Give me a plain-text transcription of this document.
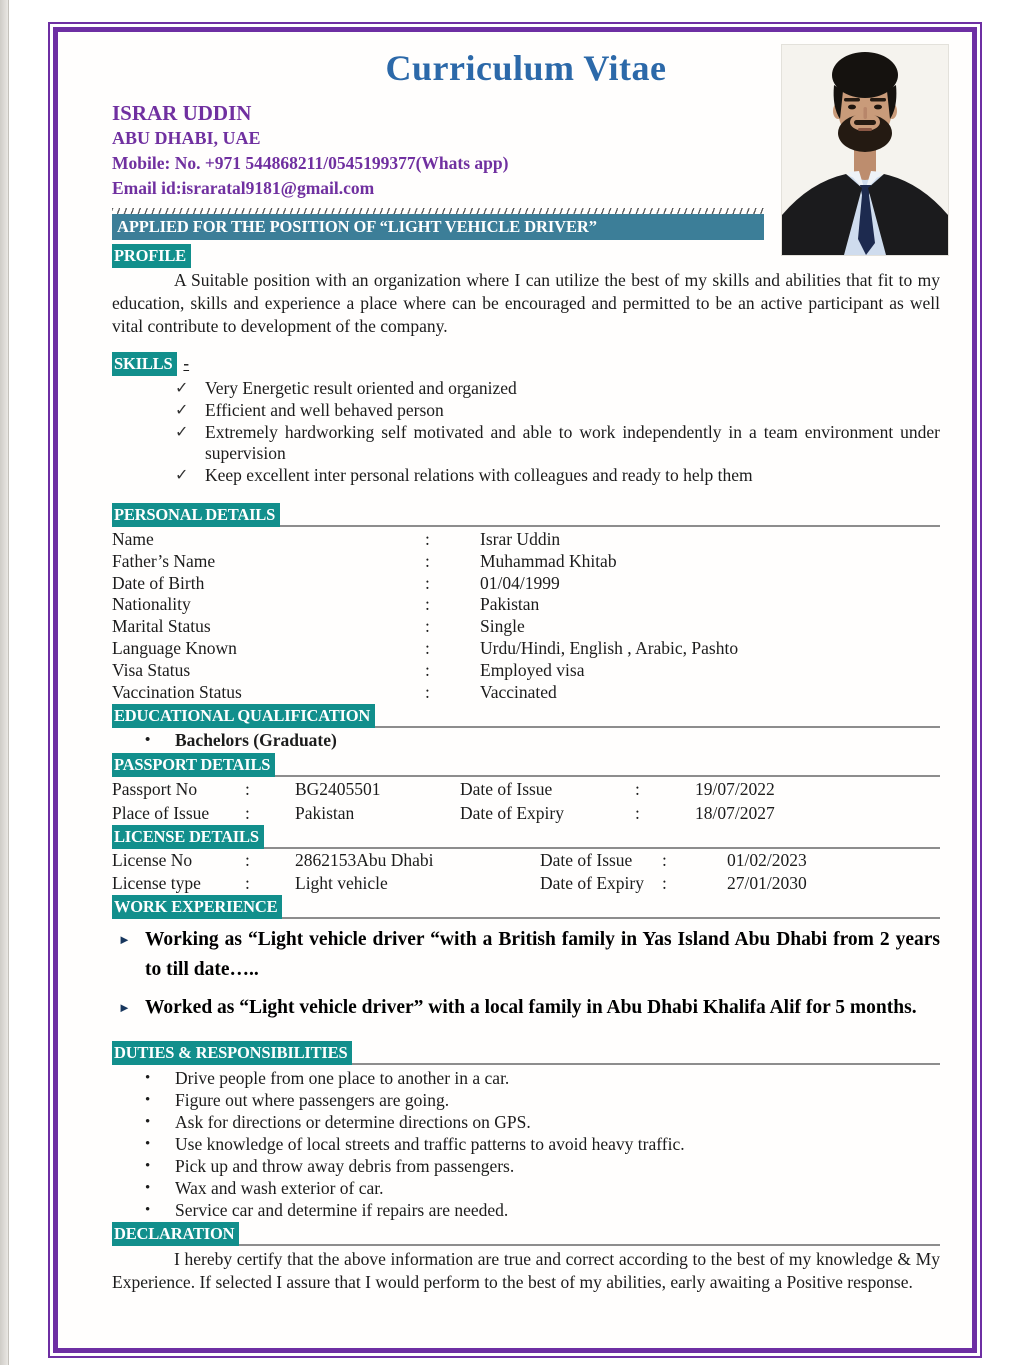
Curriculum Vitae
ISRAR UDDIN
ABU DHABI, UAE
Mobile: No. +971 544868211/0545199377(Whats app)
Email id:israratal9181@gmail.com
APPLIED FOR THE POSITION OF “LIGHT VEHICLE DRIVER”
PROFILE

A Suitable position with an organization where I can utilize the best of my skills and abilities that fit to my education, skills and experience a place where can be encouraged and permitted to be an active participant as well vital contribute to development of the company.

SKILLS -
✓ Very Energetic result oriented and organized
✓ Efficient and well behaved person
✓ Extremely hardworking self motivated and able to work independently in a team environment under supervision
✓ Keep excellent inter personal relations with colleagues and ready to help them
PERSONAL DETAILS
Name	:	Israr Uddin
Father’s Name	:	Muhammad Khitab
Date of Birth	:	01/04/1999
Nationality	:	Pakistan
Marital Status	:	Single
Language Known	:	Urdu/Hindi, English , Arabic, Pashto
Visa Status	:	Employed visa
Vaccination Status	:	Vaccinated
EDUCATIONAL QUALIFICATION
•	Bachelors (Graduate)
PASSPORT DETAILS
Passport No	:	BG2405501	Date of Issue	:	19/07/2022
Place of Issue	:	Pakistan	Date of Expiry	:	18/07/2027
LICENSE DETAILS
License No	:	2862153Abu Dhabi	Date of Issue	:	01/02/2023
License type	:	Light vehicle	Date of Expiry	:	27/01/2030
WORK EXPERIENCE
► Working as “Light vehicle driver “with a British family in Yas Island Abu Dhabi from 2 years to till date…..
► Worked as “Light vehicle driver” with a local family in Abu Dhabi Khalifa Alif for 5 months.
DUTIES & RESPONSIBILITIES
•	Drive people from one place to another in a car.
•	Figure out where passengers are going.
•	Ask for directions or determine directions on GPS.
•	Use knowledge of local streets and traffic patterns to avoid heavy traffic.
•	Pick up and throw away debris from passengers.
•	Wax and wash exterior of car.
•	Service car and determine if repairs are needed.
DECLARATION

I hereby certify that the above information are true and correct according to the best of my knowledge & My Experience. If selected I assure that I would perform to the best of my abilities, early awaiting a Positive response.
